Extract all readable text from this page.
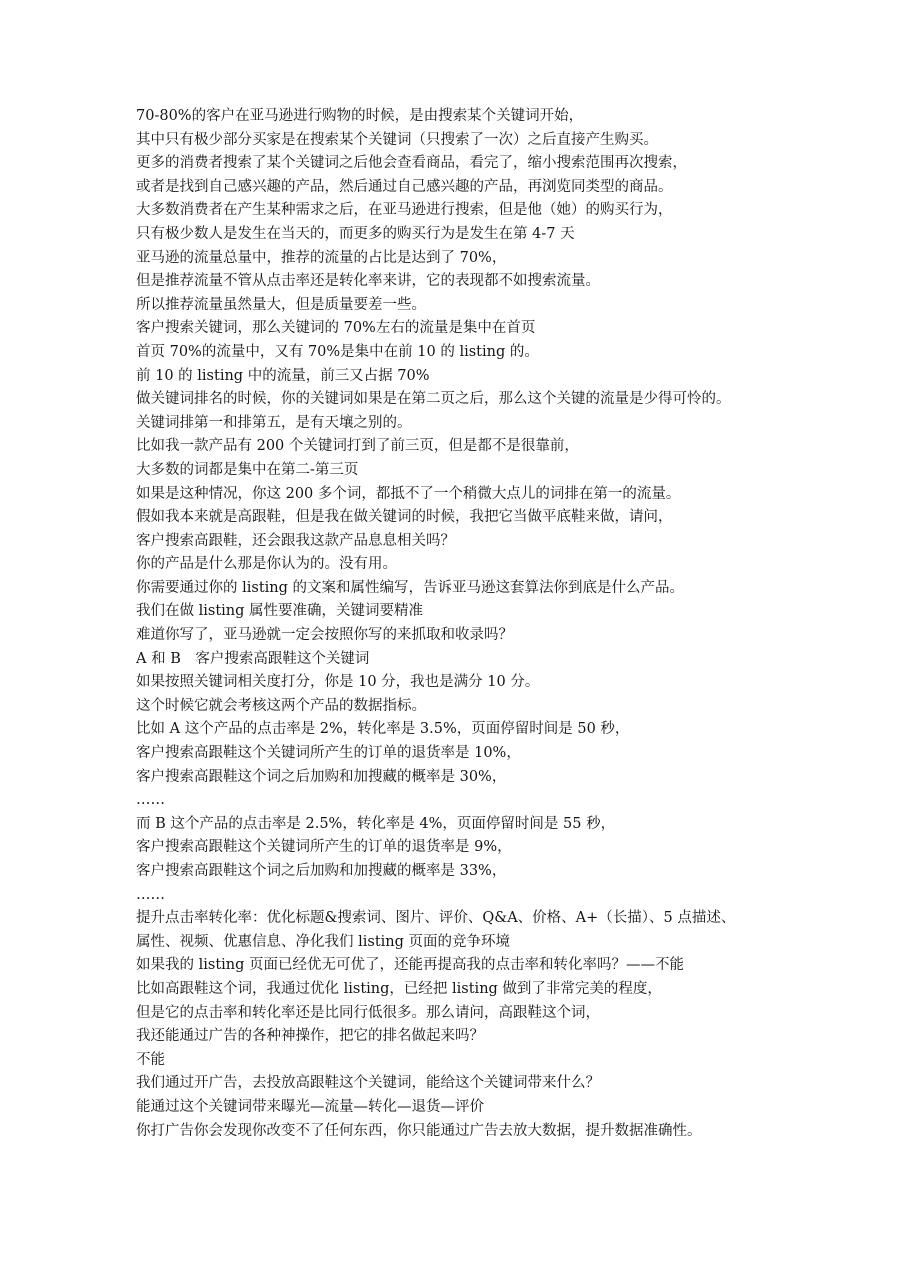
70-80%的客户在亚马逊进行购物的时候，是由搜索某个关键词开始，
其中只有极少部分买家是在搜索某个关键词（只搜索了一次）之后直接产生购买。
更多的消费者搜索了某个关键词之后他会查看商品，看完了，缩小搜索范围再次搜索，
或者是找到自己感兴趣的产品，然后通过自己感兴趣的产品，再浏览同类型的商品。
大多数消费者在产生某种需求之后，在亚马逊进行搜索，但是他（她）的购买行为，
只有极少数人是发生在当天的，而更多的购买行为是发生在第 4-7 天
亚马逊的流量总量中，推荐的流量的占比是达到了 70%，
但是推荐流量不管从点击率还是转化率来讲，它的表现都不如搜索流量。
所以推荐流量虽然量大，但是质量要差一些。
客户搜索关键词，那么关键词的 70%左右的流量是集中在首页
首页 70%的流量中，又有 70%是集中在前 10 的 listing 的。
前 10 的 listing 中的流量，前三又占据 70%
做关键词排名的时候，你的关键词如果是在第二页之后，那么这个关键的流量是少得可怜的。
关键词排第一和排第五，是有天壤之别的。
比如我一款产品有 200 个关键词打到了前三页，但是都不是很靠前，
大多数的词都是集中在第二-第三页
如果是这种情况，你这 200 多个词，都抵不了一个稍微大点儿的词排在第一的流量。
假如我本来就是高跟鞋，但是我在做关键词的时候，我把它当做平底鞋来做，请问，
客户搜索高跟鞋，还会跟我这款产品息息相关吗？
你的产品是什么那是你认为的。没有用。
你需要通过你的 listing 的文案和属性编写，告诉亚马逊这套算法你到底是什么产品。
我们在做 listing 属性要准确，关键词要精准
难道你写了，亚马逊就一定会按照你写的来抓取和收录吗？
A 和 B　客户搜索高跟鞋这个关键词
如果按照关键词相关度打分，你是 10 分，我也是满分 10 分。
这个时候它就会考核这两个产品的数据指标。
比如 A 这个产品的点击率是 2%，转化率是 3.5%，页面停留时间是 50 秒，
客户搜索高跟鞋这个关键词所产生的订单的退货率是 10%，
客户搜索高跟鞋这个词之后加购和加搜藏的概率是 30%，
……
而 B 这个产品的点击率是 2.5%，转化率是 4%，页面停留时间是 55 秒，
客户搜索高跟鞋这个关键词所产生的订单的退货率是 9%，
客户搜索高跟鞋这个词之后加购和加搜藏的概率是 33%，
……
提升点击率转化率：优化标题&搜索词、图片、评价、Q&A、价格、A+（长描）、5 点描述、
属性、视频、优惠信息、净化我们 listing 页面的竞争环境
如果我的 listing 页面已经优无可优了，还能再提高我的点击率和转化率吗？——不能
比如高跟鞋这个词，我通过优化 listing，已经把 listing 做到了非常完美的程度，
但是它的点击率和转化率还是比同行低很多。那么请问，高跟鞋这个词，
我还能通过广告的各种神操作，把它的排名做起来吗？
不能
我们通过开广告，去投放高跟鞋这个关键词，能给这个关键词带来什么？
能通过这个关键词带来曝光—流量—转化—退货—评价
你打广告你会发现你改变不了任何东西，你只能通过广告去放大数据，提升数据准确性。
